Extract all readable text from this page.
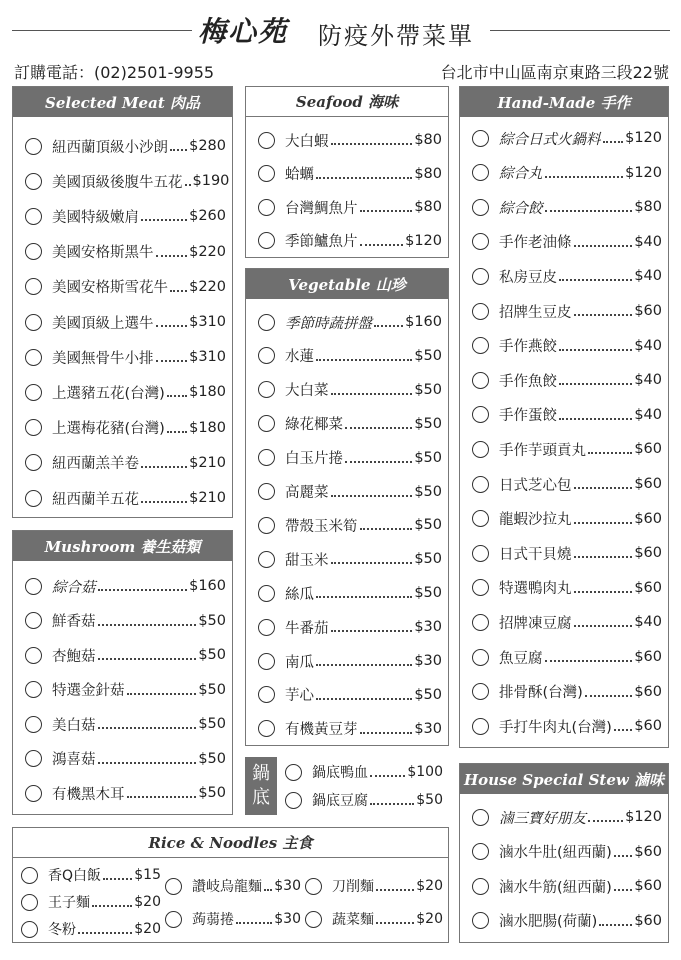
梅心苑 防疫外帶菜單
訂購電話：(02)2501-9955	台北市中山區南京東路三段22號
Selected Meat 肉品
紐西蘭頂級小沙朗 $280
美國頂級後腹牛五花 $190
美國特級嫩肩	$260
美國安格斯黑牛 $220
美國安格斯雪花牛 $220
美國頂級上選牛 $310
美國無骨牛小排 $310
上選豬五花(台灣) $180
上選梅花豬(台灣) $180
紐西蘭羔羊卷	$210
紐西蘭羊五花	$210
Mushroom 養生菇類
綜合菇	$160
鮮香菇	$50
杏鮑菇	$50
特選金針菇	$50
美白菇	$50
鴻喜菇	$50
有機黑木耳	$50
Seafood 海味
大白蝦	$80
蛤蠣	$80
台灣鯛魚片	$80
季節鱸魚片	$120
Vegetable 山珍
季節時蔬拼盤 $160
水蓮	$50
大白菜	$50
綠花椰菜	$50
白玉片捲	$50
高麗菜	$50
帶殼玉米筍	$50
甜玉米	$50
絲瓜	$50
牛番茄	$30
南瓜	$30
芋心	$50
有機黃豆芽	$30
鍋
底
鍋底鴨血	$100
鍋底豆腐	$50
Hand-Made 手作
綜合日式火鍋料 $120
綜合丸	$120
綜合餃	$80
手作老油條	$40
私房豆皮	$40
招牌生豆皮	$60
手作燕餃	$40
手作魚餃	$40
手作蛋餃	$40
手作芋頭貢丸	$60
日式芝心包	$60
龍蝦沙拉丸	$60
日式干貝燒	$60
特選鴨肉丸	$60
招牌凍豆腐	$40
魚豆腐	$60
排骨酥(台灣)	$60
手打牛肉丸(台灣) $60
House Special Stew 滷味
滷三寶好朋友	$120
滷水牛肚(紐西蘭) $60
滷水牛筋(紐西蘭) $60
滷水肥腸(荷蘭)	$60
Rice & Noodles 主食
香Q白飯 $15
王子麵	$20
冬粉	$20
讚岐烏龍麵 $30
蒟蒻捲	$30
刀削麵	$20
蔬菜麵	$20
